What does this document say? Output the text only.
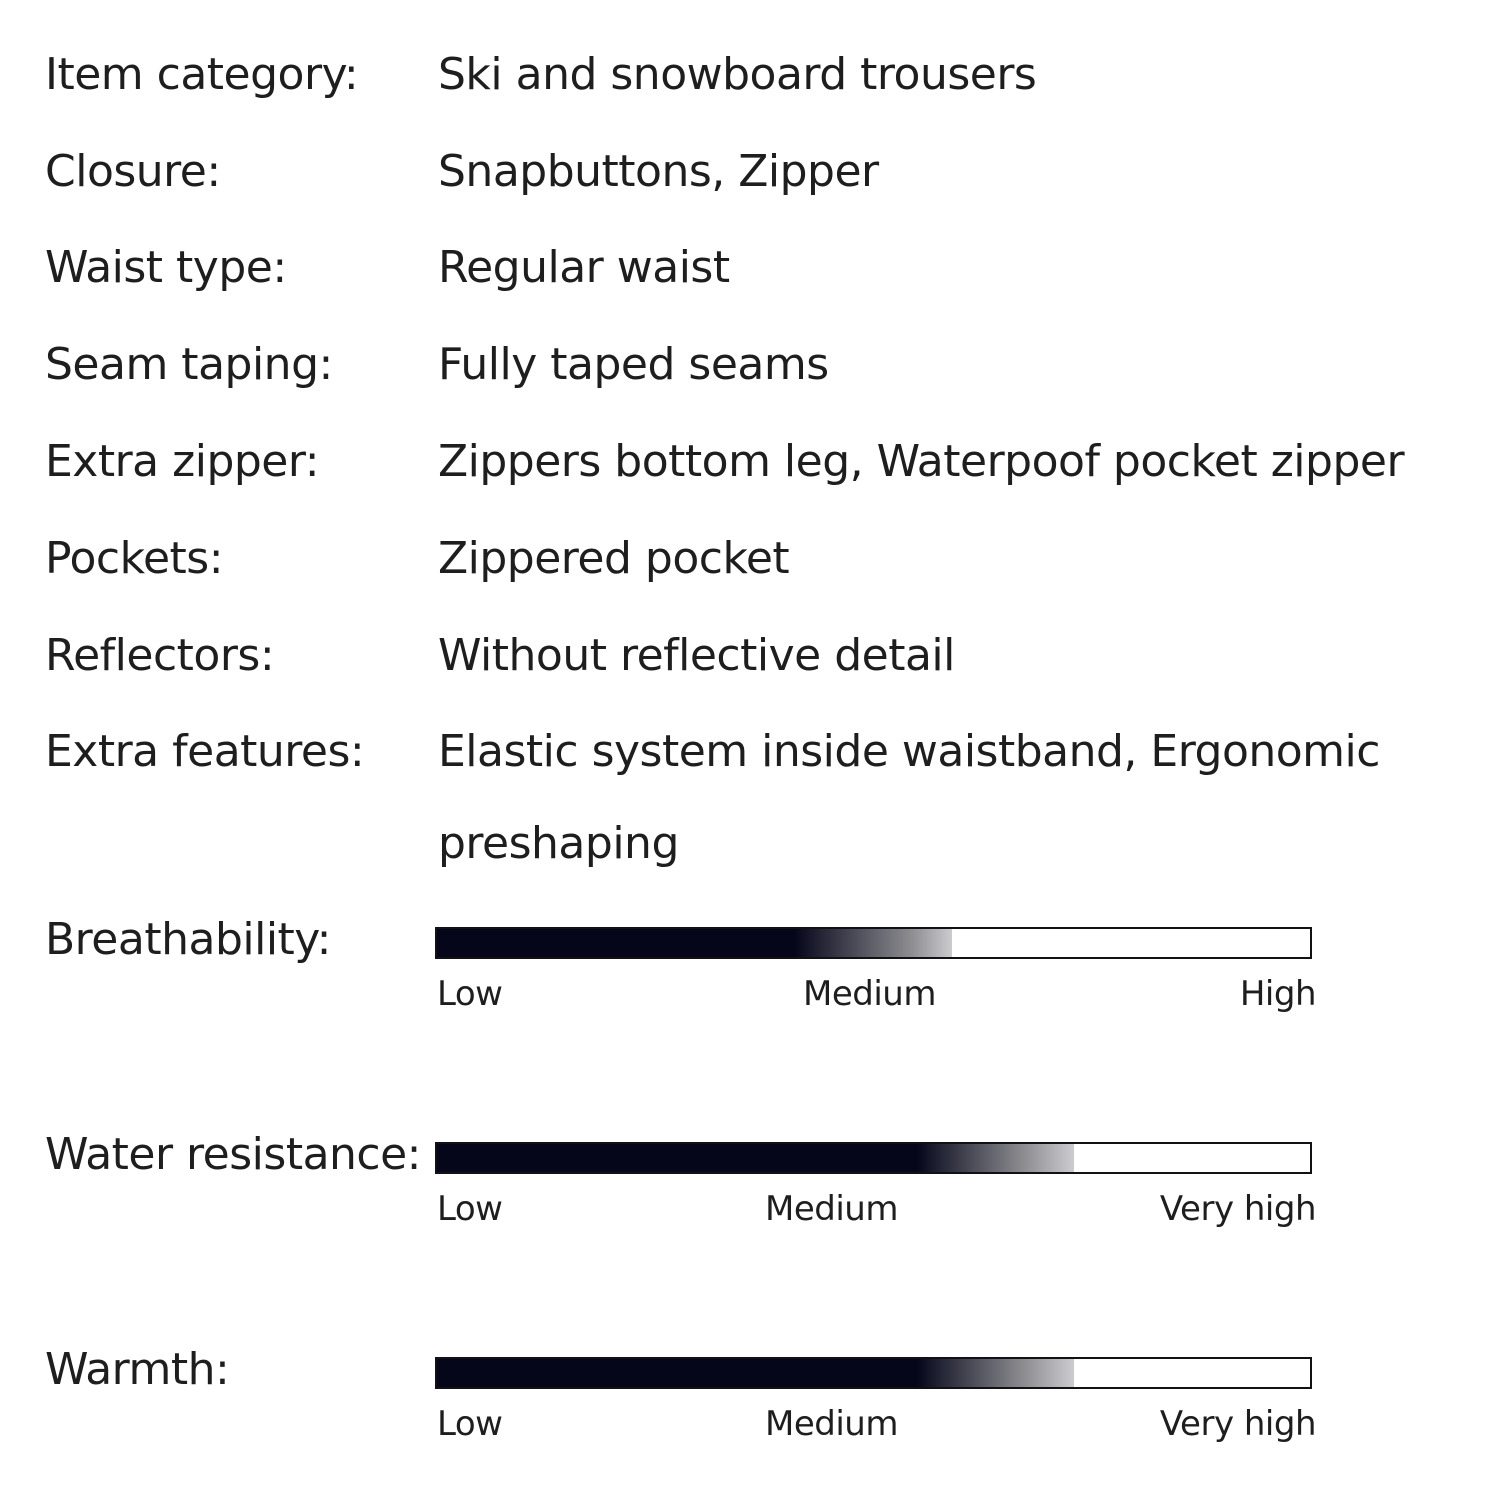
Item category: Ski and snowboard trousers
Closure:	Snapbuttons, Zipper
Waist type:	Regular waist
Seam taping: Fully taped seams
Extra zipper:	Zippers bottom leg, Waterpoof pocket zipper
Pockets:	Zippered pocket
Reflectors:	Without reflective detail
Extra features: Elastic system inside waistband, Ergonomic preshaping
Breathability:
Low	Medium	High
Water resistance:
Low	Medium	Very high
Warmth:
Low	Medium	Very high
